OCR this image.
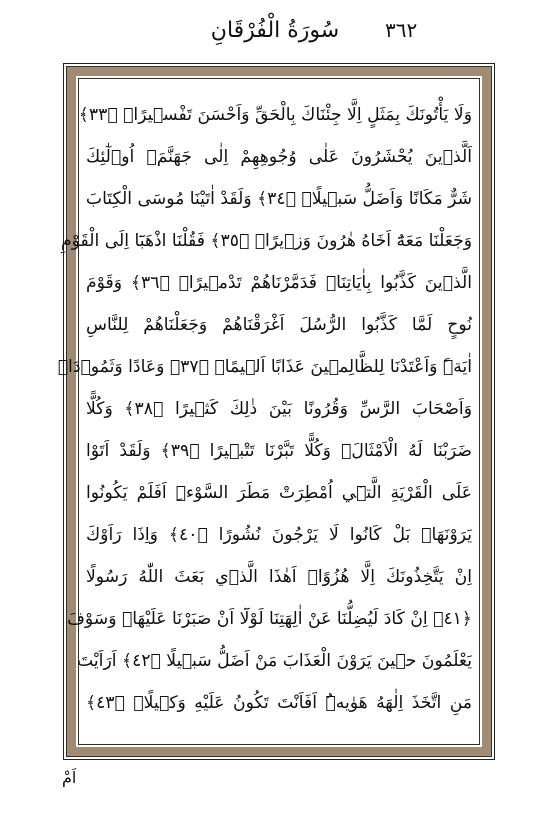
سُورَةُ الْفُرْقَانِ	٣٦٢
وَلَا يَأْتُونَكَ بِمَثَلٍ اِلَّا جِئْنَاكَ بِالْحَقِّ وَاَحْسَنَ تَفْس۪يرًاۜ ﴿٣٣﴾
اَلَّذ۪ينَ يُحْشَرُونَ عَلٰى وُجُوهِهِمْ اِلٰى جَهَنَّمَۙ اُو۬لٰٓئِكَ
شَرٌّ مَكَانًا وَاَضَلُّ سَب۪يلًا۟ ﴿٣٤﴾ وَلَقَدْ اٰتَيْنَا مُوسَى الْكِتَابَ
وَجَعَلْنَا مَعَهُٓ اَخَاهُ هٰرُونَ وَز۪يرًاۚ ﴿٣٥﴾ فَقُلْنَا اذْهَبَٓا اِلَى الْقَوْمِ
الَّذ۪ينَ كَذَّبُوا بِاٰيَاتِنَاۜ فَدَمَّرْنَاهُمْ تَدْم۪يرًاۜ ﴿٣٦﴾ وَقَوْمَ
نُوحٍ لَمَّا كَذَّبُوا الرُّسُلَ اَغْرَقْنَاهُمْ وَجَعَلْنَاهُمْ لِلنَّاسِ
اٰيَةًۜ وَاَعْتَدْنَا لِلظَّالِم۪ينَ عَذَابًا اَل۪يمًاۚ ﴿٣٧﴾ وَعَادًا وَثَمُو۬دَا۬
وَاَصْحَابَ الرَّسِّ وَقُرُونًا بَيْنَ ذٰلِكَ كَث۪يرًا ﴿٣٨﴾ وَكُلًّا
ضَرَبْنَا لَهُ الْاَمْثَالَۘ وَكُلًّا تَبَّرْنَا تَتْب۪يرًا ﴿٣٩﴾ وَلَقَدْ اَتَوْا
عَلَى الْقَرْيَةِ الَّت۪ٓي اُمْطِرَتْ مَطَرَ السَّوْءِۜ اَفَلَمْ يَكُونُوا
يَرَوْنَهَاۚ بَلْ كَانُوا لَا يَرْجُونَ نُشُورًا ﴿٤٠﴾ وَاِذَا رَاَوْكَ
اِنْ يَتَّخِذُونَكَ اِلَّا هُزُوًاۜ اَهٰذَا الَّذ۪ي بَعَثَ اللّٰهُ رَسُولًا
﴿٤١﴾ اِنْ كَادَ لَيُضِلُّنَا عَنْ اٰلِهَتِنَا لَوْلَٓا اَنْ صَبَرْنَا عَلَيْهَاۜ وَسَوْفَ
يَعْلَمُونَ ح۪ينَ يَرَوْنَ الْعَذَابَ مَنْ اَضَلُّ سَب۪يلًا ﴿٤٢﴾ اَرَاَيْتَ
مَنِ اتَّخَذَ اِلٰهَهُ هَوٰيهُۜ اَفَاَنْتَ تَكُونُ عَلَيْهِ وَك۪يلًاۙ ﴿٤٣﴾
اَمْ
